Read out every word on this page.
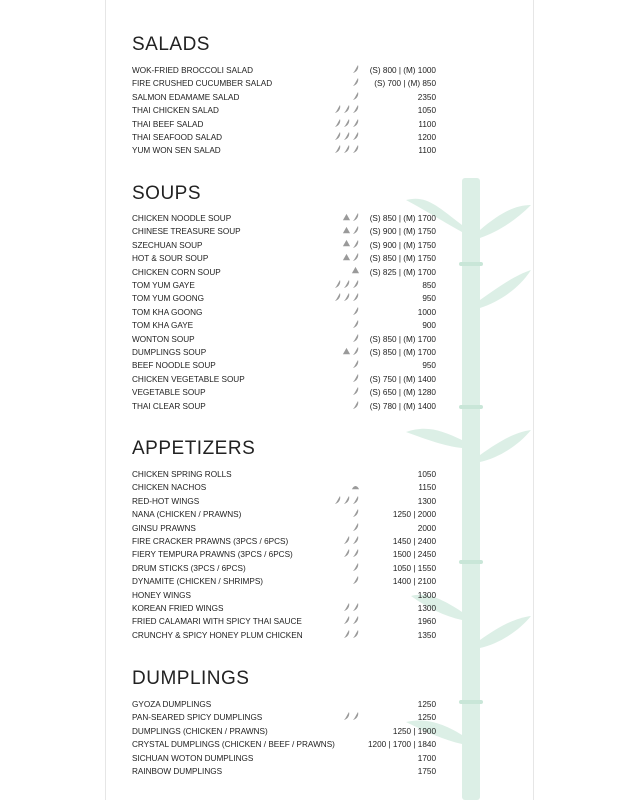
SALADS
WOK-FRIED BROCCOLI SALAD	(S) 800 | (M) 1000
FIRE CRUSHED CUCUMBER SALAD	(S) 700 | (M) 850
SALMON EDAMAME SALAD	2350
THAI CHICKEN SALAD	1050
THAI BEEF SALAD	1100
THAI SEAFOOD SALAD	1200
YUM WON SEN SALAD	1100
SOUPS
CHICKEN NOODLE SOUP	(S) 850 | (M) 1700
CHINESE TREASURE SOUP	(S) 900 | (M) 1750
SZECHUAN SOUP	(S) 900 | (M) 1750
HOT & SOUR SOUP	(S) 850 | (M) 1750
CHICKEN CORN SOUP	(S) 825 | (M) 1700
TOM YUM GAYE	850
TOM YUM GOONG	950
TOM KHA GOONG	1000
TOM KHA GAYE	900
WONTON SOUP	(S) 850 | (M) 1700
DUMPLINGS SOUP	(S) 850 | (M) 1700
BEEF NOODLE SOUP	950
CHICKEN VEGETABLE SOUP	(S) 750 | (M) 1400
VEGETABLE SOUP	(S) 650 | (M) 1280
THAI CLEAR SOUP	(S) 780 | (M) 1400
APPETIZERS
CHICKEN SPRING ROLLS	1050
CHICKEN NACHOS	1150
RED-HOT WINGS	1300
NANA (CHICKEN / PRAWNS)	1250 | 2000
GINSU PRAWNS	2000
FIRE CRACKER PRAWNS (3PCS / 6PCS)	1450 | 2400
FIERY TEMPURA PRAWNS (3PCS / 6PCS)	1500 | 2450
DRUM STICKS (3PCS / 6PCS)	1050 | 1550
DYNAMITE (CHICKEN / SHRIMPS)	1400 | 2100
HONEY WINGS	1300
KOREAN FRIED WINGS	1300
FRIED CALAMARI WITH SPICY THAI SAUCE	1960
CRUNCHY & SPICY HONEY PLUM CHICKEN	1350
DUMPLINGS
GYOZA DUMPLINGS	1250
PAN-SEARED SPICY DUMPLINGS	1250
DUMPLINGS (CHICKEN / PRAWNS)	1250 | 1900
CRYSTAL DUMPLINGS (CHICKEN / BEEF / PRAWNS)	1200 | 1700 | 1840
SICHUAN WOTON DUMPLINGS	1700
RAINBOW DUMPLINGS	1750
